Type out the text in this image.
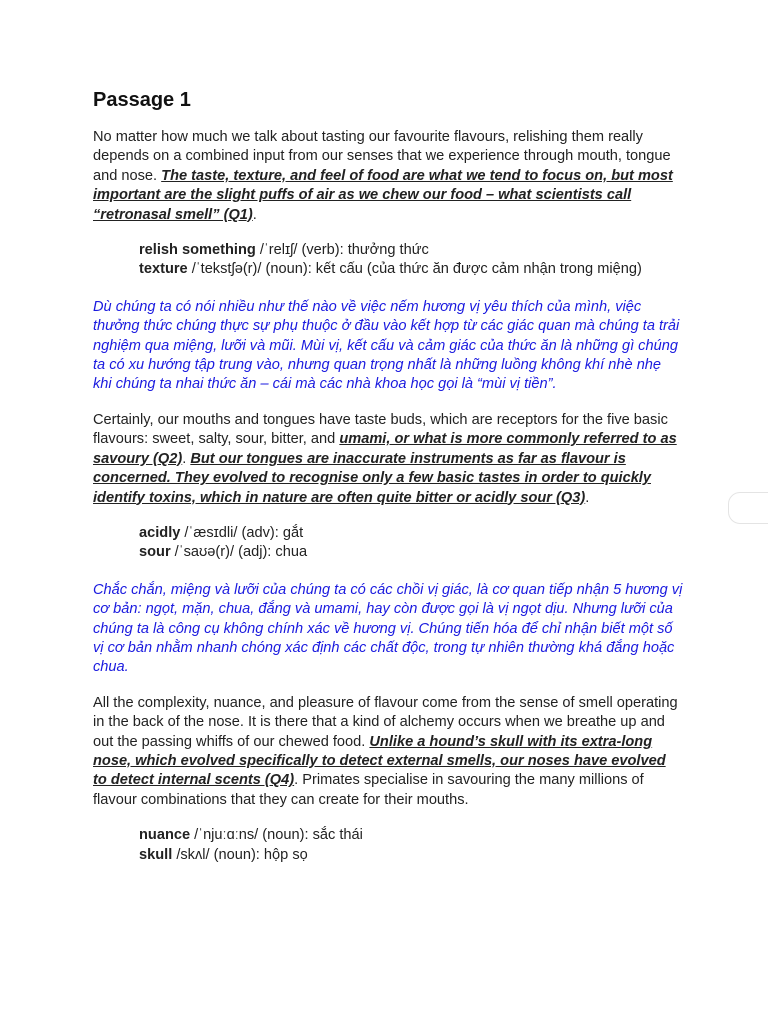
Passage 1

No matter how much we talk about tasting our favourite flavours, relishing them really depends on a combined input from our senses that we experience through mouth, tongue and nose. The taste, texture, and feel of food are what we tend to focus on, but most important are the slight puffs of air as we chew our food – what scientists call “retronasal smell” (Q1).

relish something /ˈrelɪʃ/ (verb): thưởng thức
texture /ˈtekstʃə(r)/ (noun): kết cấu (của thức ăn được cảm nhận trong miệng)

Dù chúng ta có nói nhiều như thế nào về việc nếm hương vị yêu thích của mình, việc thưởng thức chúng thực sự phụ thuộc ở đầu vào kết hợp từ các giác quan mà chúng ta trải nghiệm qua miệng, lưỡi và mũi. Mùi vị, kết cấu và cảm giác của thức ăn là những gì chúng ta có xu hướng tập trung vào, nhưng quan trọng nhất là những luồng không khí nhè nhẹ khi chúng ta nhai thức ăn – cái mà các nhà khoa học gọi là “mùi vị tiền”.

Certainly, our mouths and tongues have taste buds, which are receptors for the five basic flavours: sweet, salty, sour, bitter, and umami, or what is more commonly referred to as savoury (Q2). But our tongues are inaccurate instruments as far as flavour is concerned. They evolved to recognise only a few basic tastes in order to quickly identify toxins, which in nature are often quite bitter or acidly sour (Q3).

acidly /ˈæsɪdli/ (adv): gắt
sour /ˈsaʊə(r)/ (adj): chua

Chắc chắn, miệng và lưỡi của chúng ta có các chồi vị giác, là cơ quan tiếp nhận 5 hương vị cơ bản: ngọt, mặn, chua, đắng và umami, hay còn được gọi là vị ngọt dịu. Nhưng lưỡi của chúng ta là công cụ không chính xác về hương vị. Chúng tiến hóa để chỉ nhận biết một số vị cơ bản nhằm nhanh chóng xác định các chất độc, trong tự nhiên thường khá đắng hoặc chua.

All the complexity, nuance, and pleasure of flavour come from the sense of smell operating in the back of the nose. It is there that a kind of alchemy occurs when we breathe up and out the passing whiffs of our chewed food. Unlike a hound’s skull with its extra-long nose, which evolved specifically to detect external smells, our noses have evolved to detect internal scents (Q4). Primates specialise in savouring the many millions of flavour combinations that they can create for their mouths.

nuance /ˈnjuːɑːns/ (noun): sắc thái
skull /skʌl/ (noun): hộp sọ
